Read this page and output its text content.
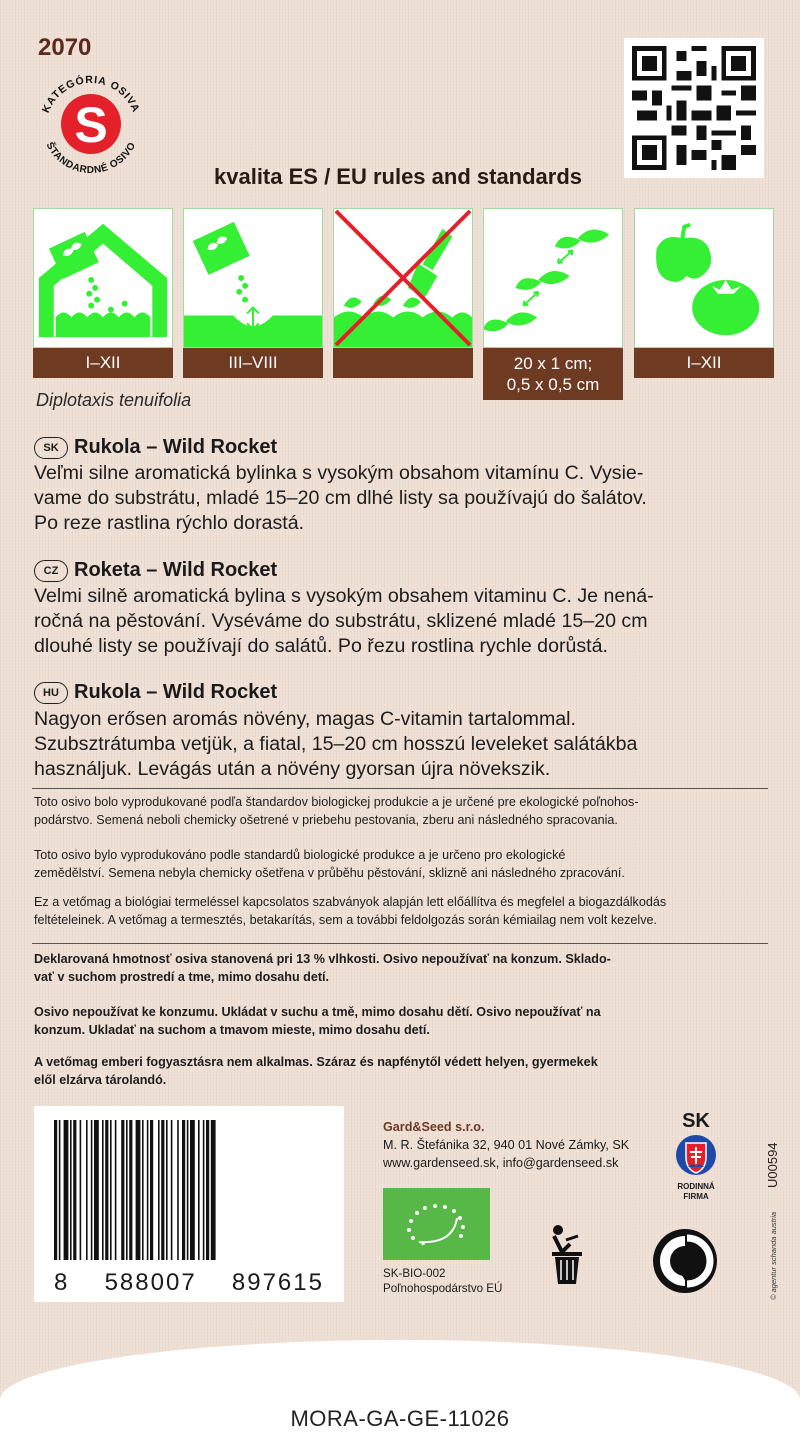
2070
KATEGÓRIA OSIVA
S
ŠTANDARDNÉ OSIVO
kvalita ES / EU rules and standards
I–XII	III–VIII	20 x 1 cm;
0,5 x 0,5 cm
I–XII
Diplotaxis tenuifolia
SK Rukola – Wild Rocket
Veľmi silne aromatická bylinka s vysokým obsahom vitamínu C. Vysie-
vame do substrátu, mladé 15–20 cm dlhé listy sa používajú do šalátov.
Po reze rastlina rýchlo dorastá.
CZ Roketa – Wild Rocket
Velmi silně aromatická bylina s vysokým obsahem vitaminu C. Je nená-
ročná na pěstování. Vyséváme do substrátu, sklizené mladé 15–20 cm
dlouhé listy se používají do salátů. Po řezu rostlina rychle dorůstá.
HU Rukola – Wild Rocket
Nagyon erősen aromás növény, magas C-vitamin tartalommal.
Szubsztrátumba vetjük, a fiatal, 15–20 cm hosszú leveleket salátákba
használjuk. Levágás után a növény gyorsan újra növekszik.
Toto osivo bolo vyprodukované podľa štandardov biologickej produkcie a je určené pre ekologické poľnohos-
podárstvo. Semená neboli chemicky ošetrené v priebehu pestovania, zberu ani následného spracovania.
Toto osivo bylo vyprodukováno podle standardů biologické produkce a je určeno pro ekologické
zemědělství. Semena nebyla chemicky ošetřena v průběhu pěstování, sklizně ani následného zpracování.
Ez a vetőmag a biológiai termeléssel kapcsolatos szabványok alapján lett előállítva és megfelel a biogazdálkodás
feltételeinek. A vetőmag a termesztés, betakarítás, sem a további feldolgozás során kémiailag nem volt kezelve.
Deklarovaná hmotnosť osiva stanovená pri 13 % vlhkosti. Osivo nepoužívať na konzum. Sklado-
vať v suchom prostredí a tme, mimo dosahu detí.
Osivo nepoužívat ke konzumu. Ukládat v suchu a tmě, mimo dosahu dětí. Osivo nepoužívať na
konzum. Ukladať na suchom a tmavom mieste, mimo dosahu detí.
A vetőmag emberi fogyasztásra nem alkalmas. Száraz és napfénytől védett helyen, gyermekek
elől elzárva tárolandó.
8 588007 897615
Gard&Seed s.r.o.
M. R. Štefánika 32, 940 01 Nové Zámky, SK
www.gardenseed.sk, info@gardenseed.sk
SK
RODINNÁ
FIRMA
SK-BIO-002
Poľnohospodárstvo EÚ
U00594
© agentur schanda austria
MORA-GA-GE-11026
